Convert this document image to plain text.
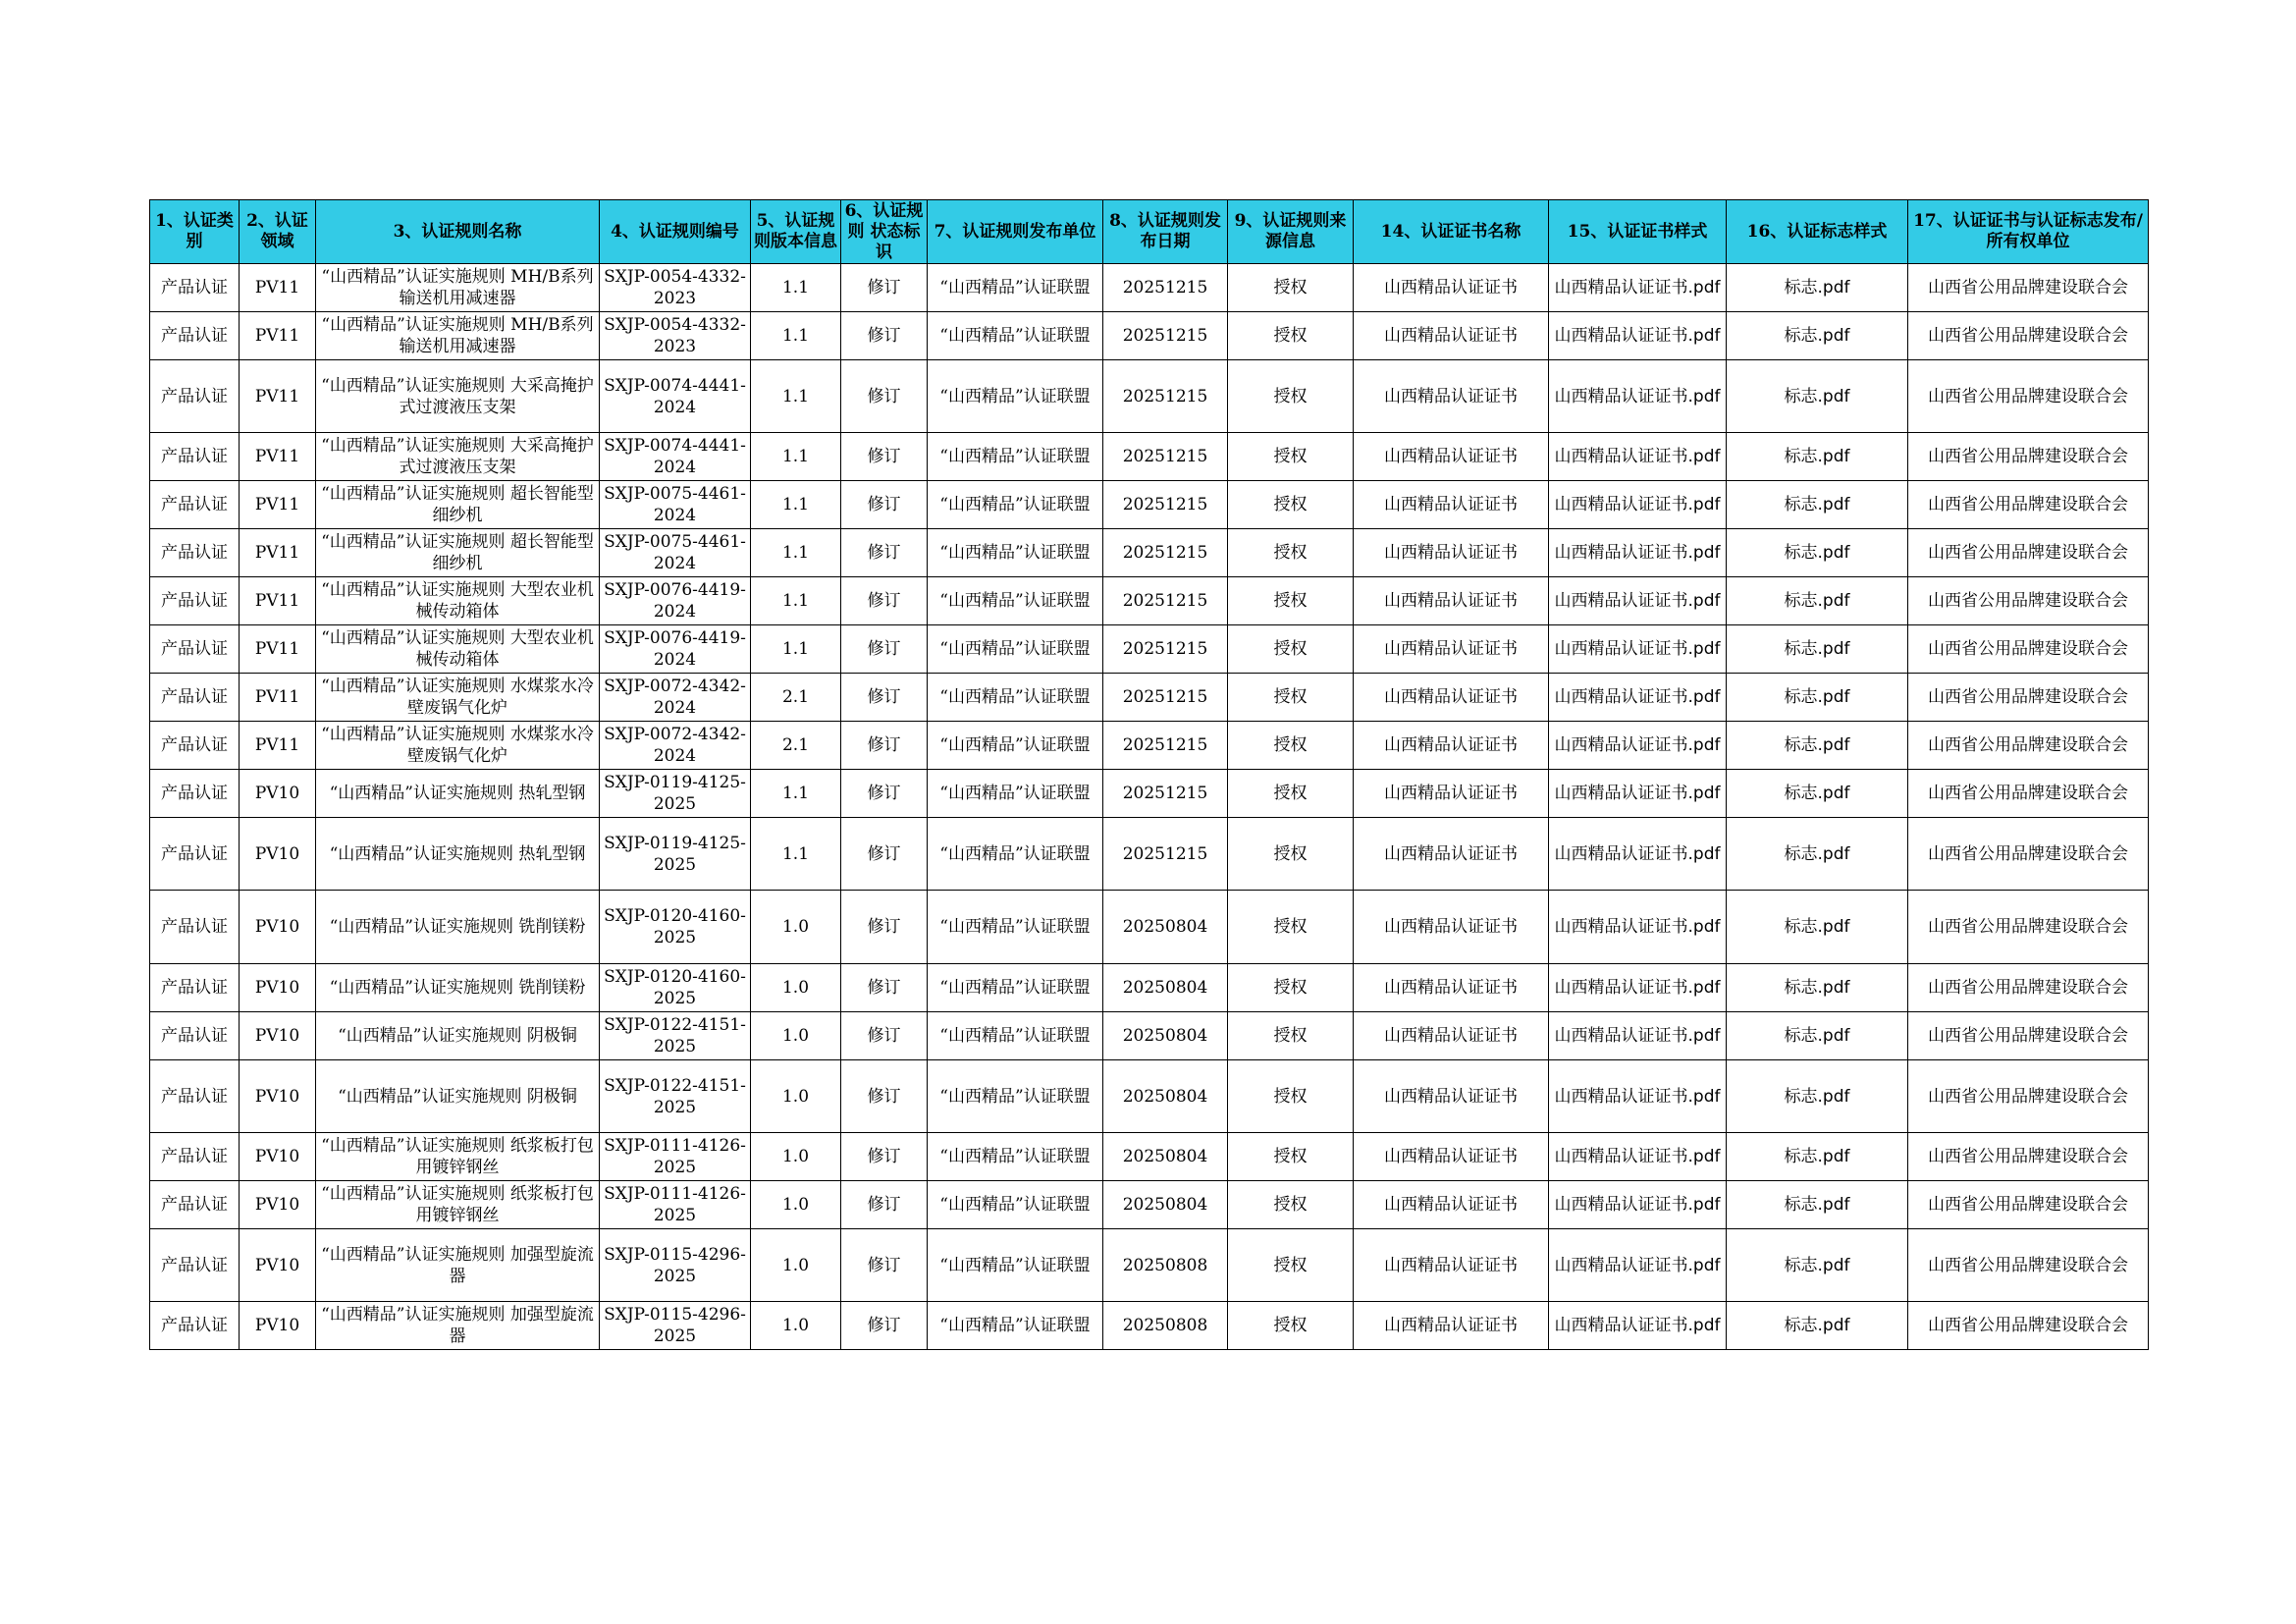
1、认证类别	2、认证领域	3、认证规则名称	4、认证规则编号	5、认证规则版本信息	6、认证规则 状态标识	7、认证规则发布单位	8、认证规则发布日期	9、认证规则来源信息	14、认证证书名称	15、认证证书样式	16、认证标志样式	17、认证证书与认证标志发布/所有权单位
产品认证	PV11	“山西精品”认证实施规则 MH/B系列输送机用减速器	SXJP-0054-4332-2023	1.1	修订	“山西精品”认证联盟	20251215	授权	山西精品认证证书	山西精品认证证书.pdf	标志.pdf	山西省公用品牌建设联合会
产品认证	PV11	“山西精品”认证实施规则 MH/B系列输送机用减速器	SXJP-0054-4332-2023	1.1	修订	“山西精品”认证联盟	20251215	授权	山西精品认证证书	山西精品认证证书.pdf	标志.pdf	山西省公用品牌建设联合会
产品认证	PV11	“山西精品”认证实施规则 大采高掩护式过渡液压支架	SXJP-0074-4441-2024	1.1	修订	“山西精品”认证联盟	20251215	授权	山西精品认证证书	山西精品认证证书.pdf	标志.pdf	山西省公用品牌建设联合会
产品认证	PV11	“山西精品”认证实施规则 大采高掩护式过渡液压支架	SXJP-0074-4441-2024	1.1	修订	“山西精品”认证联盟	20251215	授权	山西精品认证证书	山西精品认证证书.pdf	标志.pdf	山西省公用品牌建设联合会
产品认证	PV11	“山西精品”认证实施规则 超长智能型细纱机	SXJP-0075-4461-2024	1.1	修订	“山西精品”认证联盟	20251215	授权	山西精品认证证书	山西精品认证证书.pdf	标志.pdf	山西省公用品牌建设联合会
产品认证	PV11	“山西精品”认证实施规则 超长智能型细纱机	SXJP-0075-4461-2024	1.1	修订	“山西精品”认证联盟	20251215	授权	山西精品认证证书	山西精品认证证书.pdf	标志.pdf	山西省公用品牌建设联合会
产品认证	PV11	“山西精品”认证实施规则 大型农业机械传动箱体	SXJP-0076-4419-2024	1.1	修订	“山西精品”认证联盟	20251215	授权	山西精品认证证书	山西精品认证证书.pdf	标志.pdf	山西省公用品牌建设联合会
产品认证	PV11	“山西精品”认证实施规则 大型农业机械传动箱体	SXJP-0076-4419-2024	1.1	修订	“山西精品”认证联盟	20251215	授权	山西精品认证证书	山西精品认证证书.pdf	标志.pdf	山西省公用品牌建设联合会
产品认证	PV11	“山西精品”认证实施规则 水煤浆水冷壁废锅气化炉	SXJP-0072-4342-2024	2.1	修订	“山西精品”认证联盟	20251215	授权	山西精品认证证书	山西精品认证证书.pdf	标志.pdf	山西省公用品牌建设联合会
产品认证	PV11	“山西精品”认证实施规则 水煤浆水冷壁废锅气化炉	SXJP-0072-4342-2024	2.1	修订	“山西精品”认证联盟	20251215	授权	山西精品认证证书	山西精品认证证书.pdf	标志.pdf	山西省公用品牌建设联合会
产品认证	PV10	“山西精品”认证实施规则 热轧型钢	SXJP-0119-4125-2025	1.1	修订	“山西精品”认证联盟	20251215	授权	山西精品认证证书	山西精品认证证书.pdf	标志.pdf	山西省公用品牌建设联合会
产品认证	PV10	“山西精品”认证实施规则 热轧型钢	SXJP-0119-4125-2025	1.1	修订	“山西精品”认证联盟	20251215	授权	山西精品认证证书	山西精品认证证书.pdf	标志.pdf	山西省公用品牌建设联合会
产品认证	PV10	“山西精品”认证实施规则 铣削镁粉	SXJP-0120-4160-2025	1.0	修订	“山西精品”认证联盟	20250804	授权	山西精品认证证书	山西精品认证证书.pdf	标志.pdf	山西省公用品牌建设联合会
产品认证	PV10	“山西精品”认证实施规则 铣削镁粉	SXJP-0120-4160-2025	1.0	修订	“山西精品”认证联盟	20250804	授权	山西精品认证证书	山西精品认证证书.pdf	标志.pdf	山西省公用品牌建设联合会
产品认证	PV10	“山西精品”认证实施规则 阴极铜	SXJP-0122-4151-2025	1.0	修订	“山西精品”认证联盟	20250804	授权	山西精品认证证书	山西精品认证证书.pdf	标志.pdf	山西省公用品牌建设联合会
产品认证	PV10	“山西精品”认证实施规则 阴极铜	SXJP-0122-4151-2025	1.0	修订	“山西精品”认证联盟	20250804	授权	山西精品认证证书	山西精品认证证书.pdf	标志.pdf	山西省公用品牌建设联合会
产品认证	PV10	“山西精品”认证实施规则 纸浆板打包用镀锌钢丝	SXJP-0111-4126-2025	1.0	修订	“山西精品”认证联盟	20250804	授权	山西精品认证证书	山西精品认证证书.pdf	标志.pdf	山西省公用品牌建设联合会
产品认证	PV10	“山西精品”认证实施规则 纸浆板打包用镀锌钢丝	SXJP-0111-4126-2025	1.0	修订	“山西精品”认证联盟	20250804	授权	山西精品认证证书	山西精品认证证书.pdf	标志.pdf	山西省公用品牌建设联合会
产品认证	PV10	“山西精品”认证实施规则 加强型旋流器	SXJP-0115-4296-2025	1.0	修订	“山西精品”认证联盟	20250808	授权	山西精品认证证书	山西精品认证证书.pdf	标志.pdf	山西省公用品牌建设联合会
产品认证	PV10	“山西精品”认证实施规则 加强型旋流器	SXJP-0115-4296-2025	1.0	修订	“山西精品”认证联盟	20250808	授权	山西精品认证证书	山西精品认证证书.pdf	标志.pdf	山西省公用品牌建设联合会
